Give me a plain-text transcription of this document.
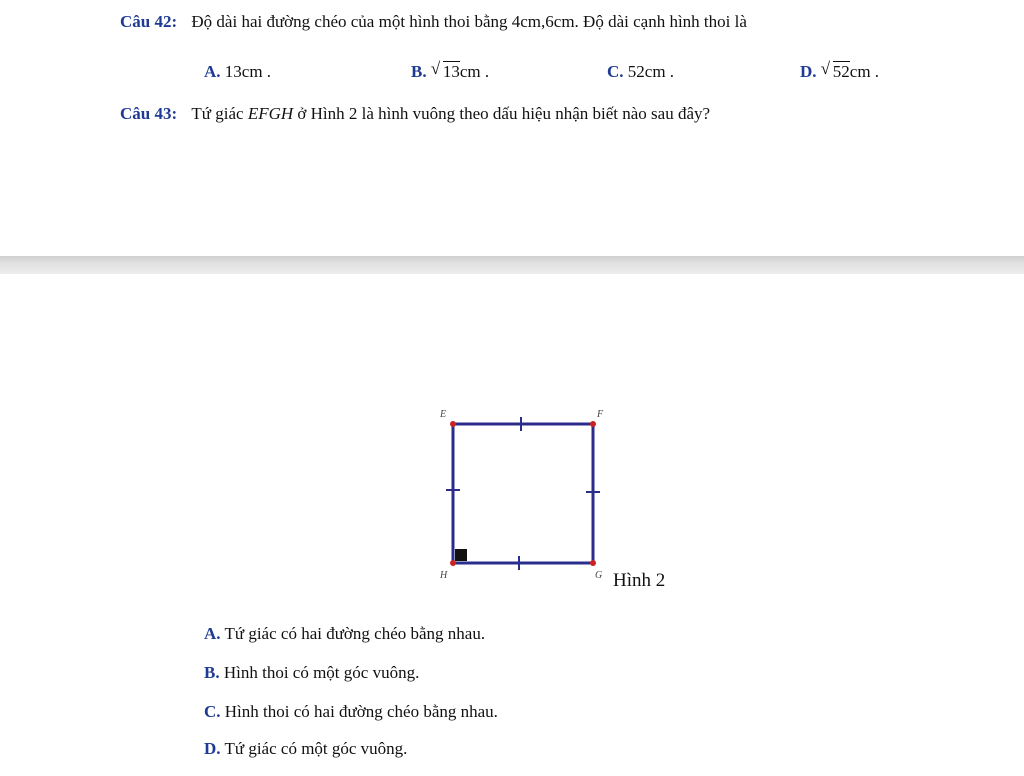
Câu 42: Độ dài hai đường chéo của một hình thoi bằng 4cm,6cm. Độ dài cạnh hình thoi là
A. 13cm .	B. √ 13cm .	C. 52cm .	D. √ 52cm .
Câu 43: Tứ giác EFGH ở Hình 2 là hình vuông theo dấu hiệu nhận biết nào sau đây?
E	F
G
H	Hình 2
A. Tứ giác có hai đường chéo bằng nhau.
B. Hình thoi có một góc vuông.
C. Hình thoi có hai đường chéo bằng nhau.
D. Tứ giác có một góc vuông.
